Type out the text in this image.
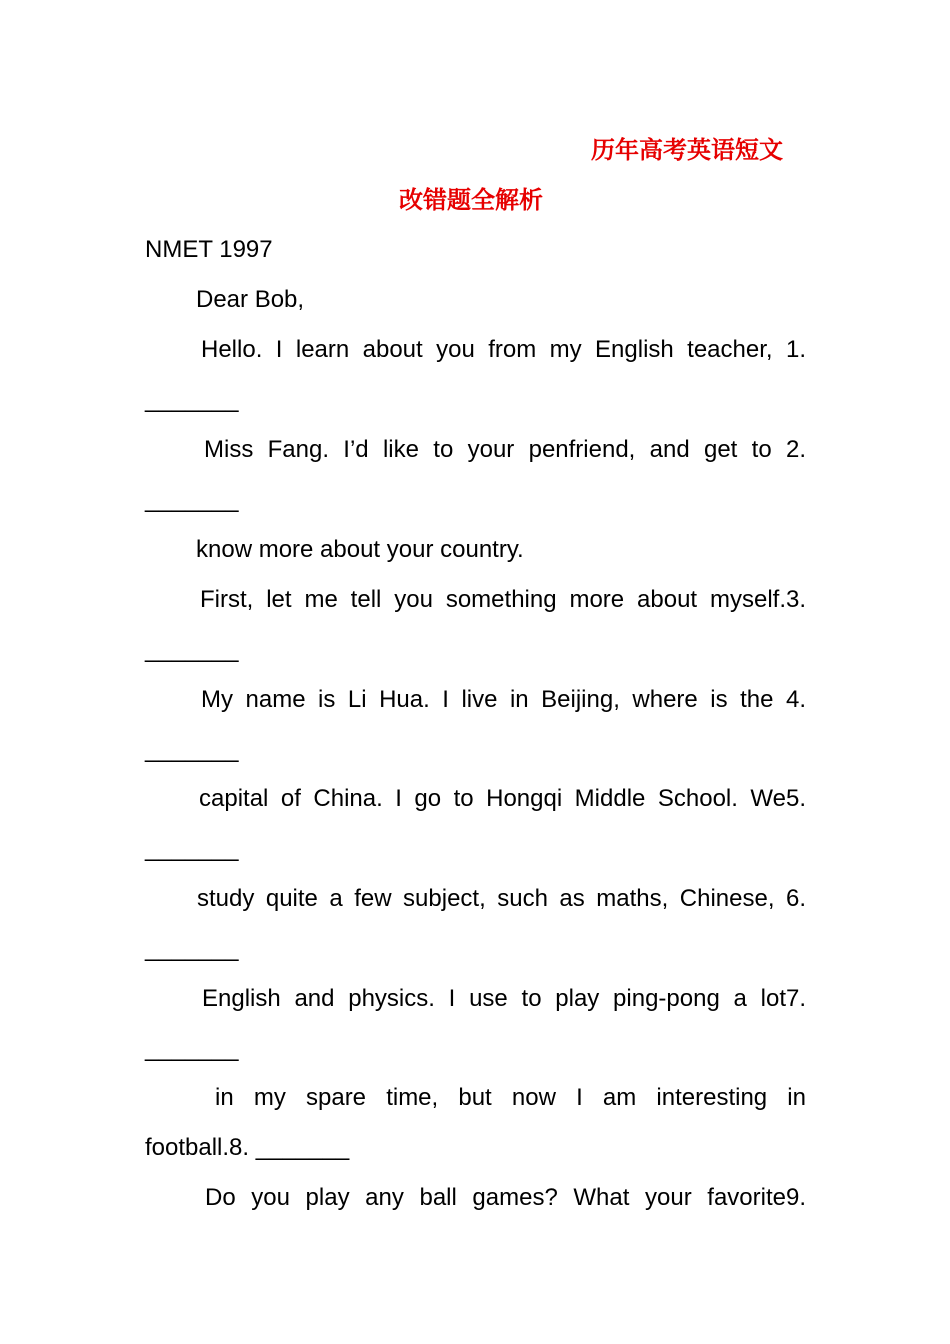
历年高考英语短文
改错题全解析
NMET 1997
Dear Bob,
Hello. I learn about you from my English teacher, 1.
_______
Miss Fang. I’d like to your penfriend, and get to 2.
_______
know more about your country.
First, let me tell you something more about myself.3.
_______
My name is Li Hua. I live in Beijing, where is the 4.
_______
capital of China. I go to Hongqi Middle School. We5.
_______
study quite a few subject, such as maths, Chinese, 6.
_______
English and physics. I use to play ping-pong a lot7.
_______
in my spare time, but now I am interesting in
football.8. _______
Do you play any ball games? What your favorite9.
